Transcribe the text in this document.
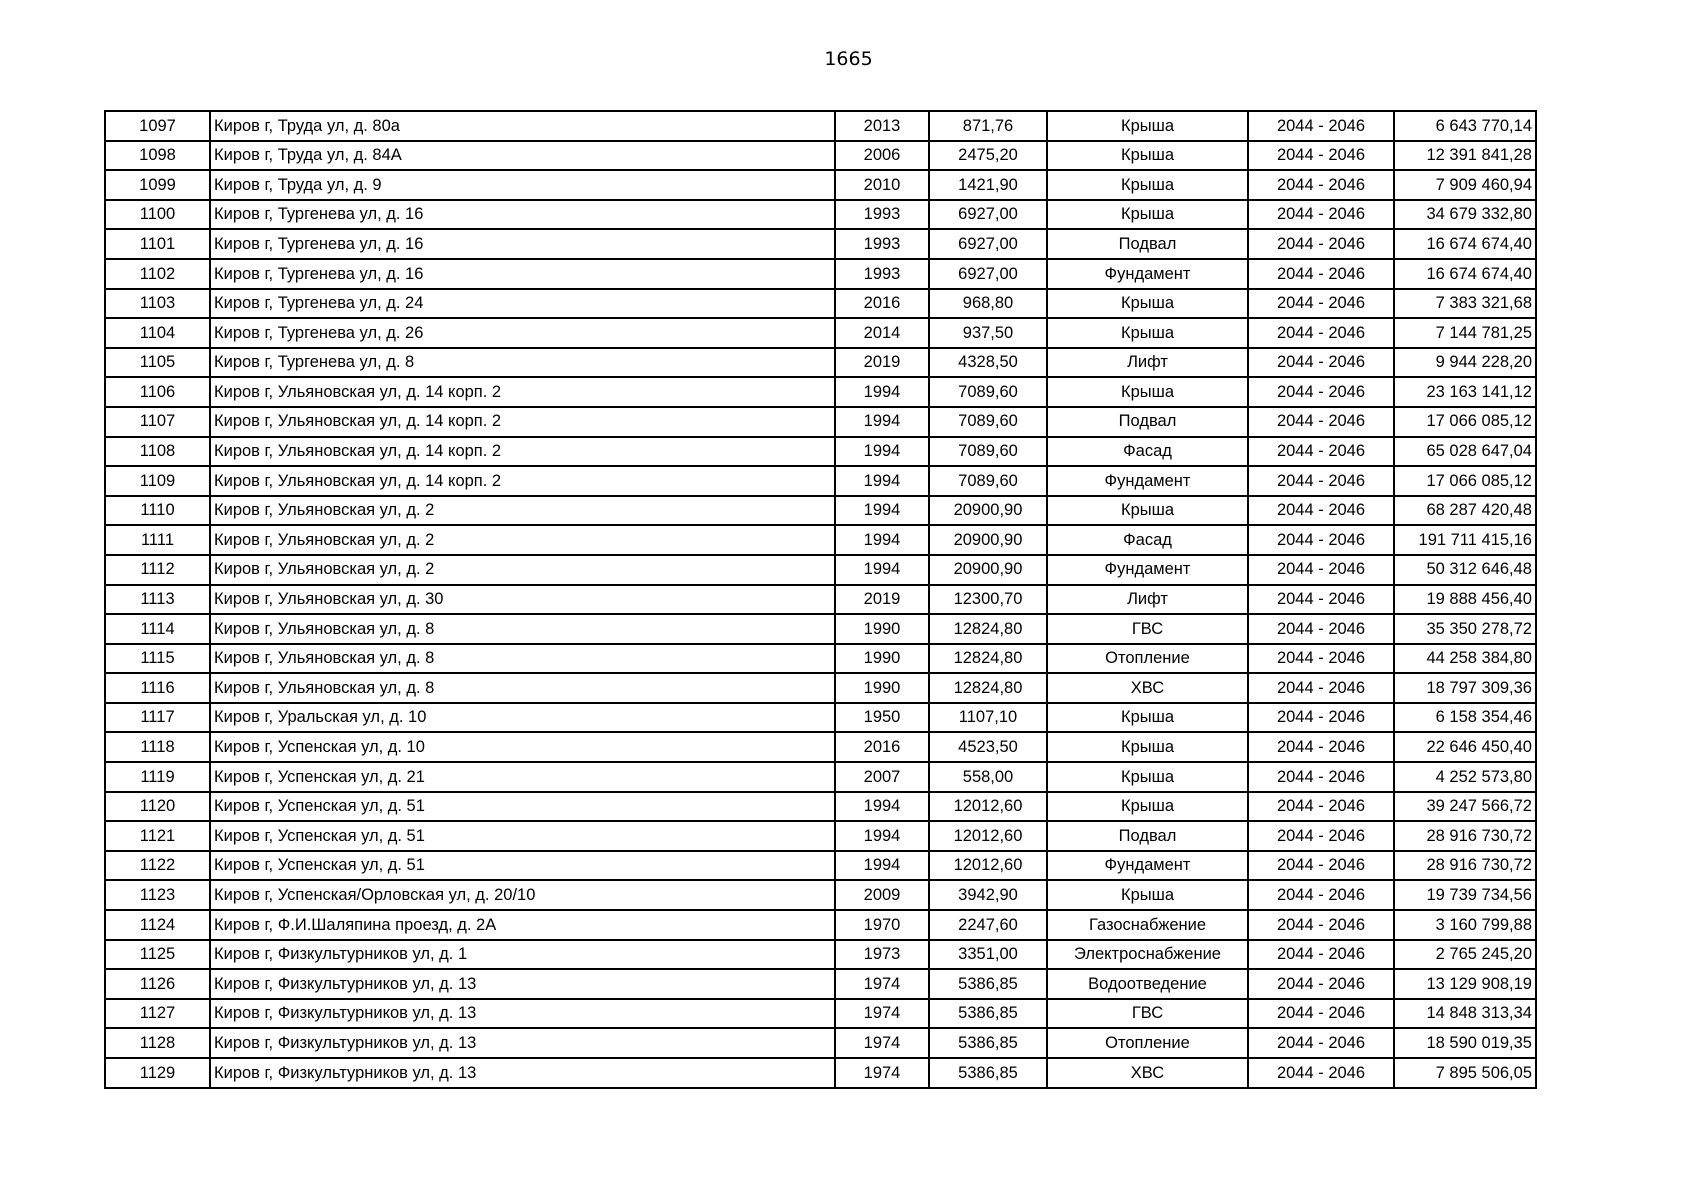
1665
1097	Киров г, Труда ул, д. 80а	2013	871,76	Крыша	2044 - 2046	6 643 770,14
1098	Киров г, Труда ул, д. 84А	2006	2475,20	Крыша	2044 - 2046	12 391 841,28
1099	Киров г, Труда ул, д. 9	2010	1421,90	Крыша	2044 - 2046	7 909 460,94
1100	Киров г, Тургенева ул, д. 16	1993	6927,00	Крыша	2044 - 2046	34 679 332,80
1101	Киров г, Тургенева ул, д. 16	1993	6927,00	Подвал	2044 - 2046	16 674 674,40
1102	Киров г, Тургенева ул, д. 16	1993	6927,00	Фундамент	2044 - 2046	16 674 674,40
1103	Киров г, Тургенева ул, д. 24	2016	968,80	Крыша	2044 - 2046	7 383 321,68
1104	Киров г, Тургенева ул, д. 26	2014	937,50	Крыша	2044 - 2046	7 144 781,25
1105	Киров г, Тургенева ул, д. 8	2019	4328,50	Лифт	2044 - 2046	9 944 228,20
1106	Киров г, Ульяновская ул, д. 14 корп. 2	1994	7089,60	Крыша	2044 - 2046	23 163 141,12
1107	Киров г, Ульяновская ул, д. 14 корп. 2	1994	7089,60	Подвал	2044 - 2046	17 066 085,12
1108	Киров г, Ульяновская ул, д. 14 корп. 2	1994	7089,60	Фасад	2044 - 2046	65 028 647,04
1109	Киров г, Ульяновская ул, д. 14 корп. 2	1994	7089,60	Фундамент	2044 - 2046	17 066 085,12
1110	Киров г, Ульяновская ул, д. 2	1994	20900,90	Крыша	2044 - 2046	68 287 420,48
1111	Киров г, Ульяновская ул, д. 2	1994	20900,90	Фасад	2044 - 2046	191 711 415,16
1112	Киров г, Ульяновская ул, д. 2	1994	20900,90	Фундамент	2044 - 2046	50 312 646,48
1113	Киров г, Ульяновская ул, д. 30	2019	12300,70	Лифт	2044 - 2046	19 888 456,40
1114	Киров г, Ульяновская ул, д. 8	1990	12824,80	ГВС	2044 - 2046	35 350 278,72
1115	Киров г, Ульяновская ул, д. 8	1990	12824,80	Отопление	2044 - 2046	44 258 384,80
1116	Киров г, Ульяновская ул, д. 8	1990	12824,80	ХВС	2044 - 2046	18 797 309,36
1117	Киров г, Уральская ул, д. 10	1950	1107,10	Крыша	2044 - 2046	6 158 354,46
1118	Киров г, Успенская ул, д. 10	2016	4523,50	Крыша	2044 - 2046	22 646 450,40
1119	Киров г, Успенская ул, д. 21	2007	558,00	Крыша	2044 - 2046	4 252 573,80
1120	Киров г, Успенская ул, д. 51	1994	12012,60	Крыша	2044 - 2046	39 247 566,72
1121	Киров г, Успенская ул, д. 51	1994	12012,60	Подвал	2044 - 2046	28 916 730,72
1122	Киров г, Успенская ул, д. 51	1994	12012,60	Фундамент	2044 - 2046	28 916 730,72
1123	Киров г, Успенская/Орловская ул, д. 20/10	2009	3942,90	Крыша	2044 - 2046	19 739 734,56
1124	Киров г, Ф.И.Шаляпина проезд, д. 2А	1970	2247,60	Газоснабжение	2044 - 2046	3 160 799,88
1125	Киров г, Физкультурников ул, д. 1	1973	3351,00	Электроснабжение	2044 - 2046	2 765 245,20
1126	Киров г, Физкультурников ул, д. 13	1974	5386,85	Водоотведение	2044 - 2046	13 129 908,19
1127	Киров г, Физкультурников ул, д. 13	1974	5386,85	ГВС	2044 - 2046	14 848 313,34
1128	Киров г, Физкультурников ул, д. 13	1974	5386,85	Отопление	2044 - 2046	18 590 019,35
1129	Киров г, Физкультурников ул, д. 13	1974	5386,85	ХВС	2044 - 2046	7 895 506,05
